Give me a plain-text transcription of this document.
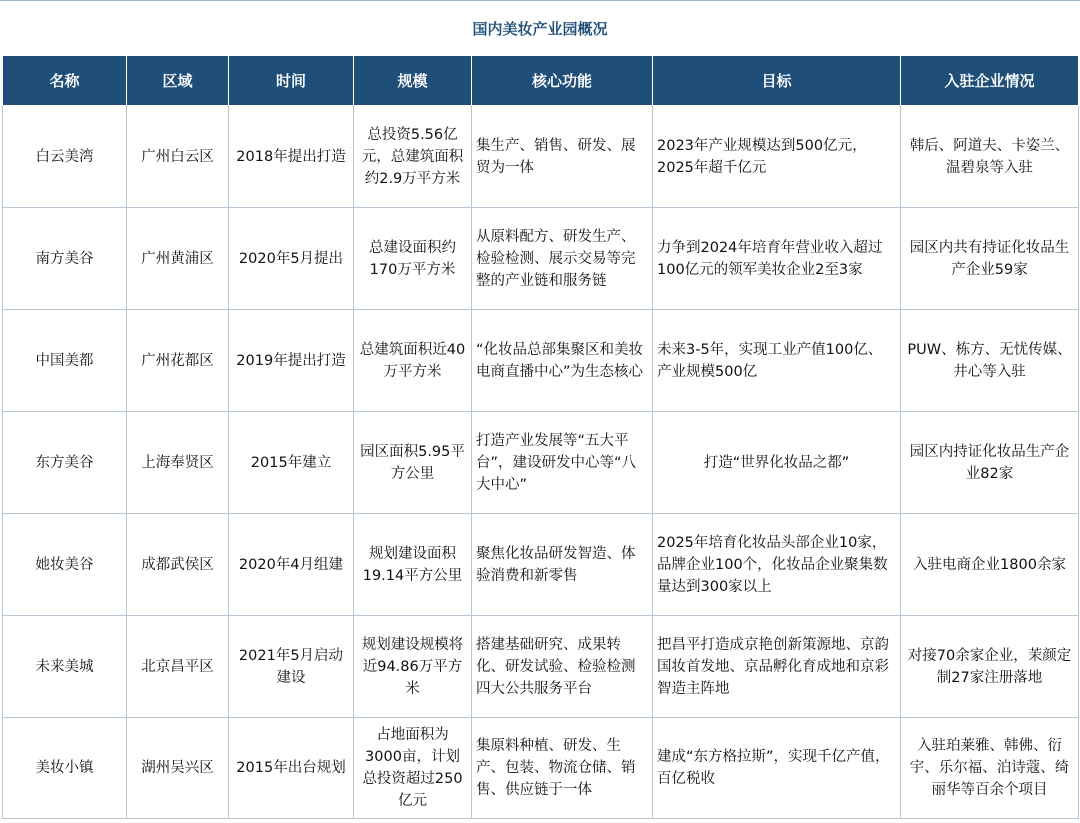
国内美妆产业园概况
名称	区域	时间	规模	核心功能	目标	入驻企业情况
白云美湾	广州白云区	2018年提出打造	总投资5.56亿元，总建筑面积约2.9万平方米	集生产、销售、研发、展贸为一体	2023年产业规模达到500亿元，2025年超千亿元	韩后、阿道夫、卡姿兰、温碧泉等入驻
南方美谷	广州黄浦区	2020年5月提出	总建设面积约170万平方米	从原料配方、研发生产、检验检测、展示交易等完整的产业链和服务链	力争到2024年培育年营业收入超过100亿元的领军美妆企业2至3家	园区内共有持证化妆品生产企业59家
中国美都	广州花都区	2019年提出打造	总建筑面积近40万平方米	“化妆品总部集聚区和美妆电商直播中心”为生态核心	未来3-5年，实现工业产值100亿、产业规模500亿	PUW、栋方、无忧传媒、井心等入驻
东方美谷	上海奉贤区	2015年建立	园区面积5.95平方公里	打造产业发展等“五大平台”，建设研发中心等“八大中心”	打造“世界化妆品之都”	园区内持证化妆品生产企业82家
她妆美谷	成都武侯区	2020年4月组建	规划建设面积19.14平方公里	聚焦化妆品研发智造、体验消费和新零售	2025年培育化妆品头部企业10家，品牌企业100个，化妆品企业聚集数量达到300家以上	入驻电商企业1800余家
未来美城	北京昌平区	2021年5月启动建设	规划建设规模将近94.86万平方米	搭建基础研究、成果转化、研发试验、检验检测四大公共服务平台	把昌平打造成京艳创新策源地、京韵国妆首发地、京品孵化育成地和京彩智造主阵地	对接70余家企业，茉颜定制27家注册落地
美妆小镇	湖州吴兴区	2015年出台规划	占地面积为3000亩，计划总投资超过250亿元	集原料种植、研发、生产、包装、物流仓储、销售、供应链于一体	建成“东方格拉斯”，实现千亿产值，百亿税收	入驻珀莱雅、韩佛、衍宇、乐尔福、泊诗蔻、绮丽华等百余个项目
